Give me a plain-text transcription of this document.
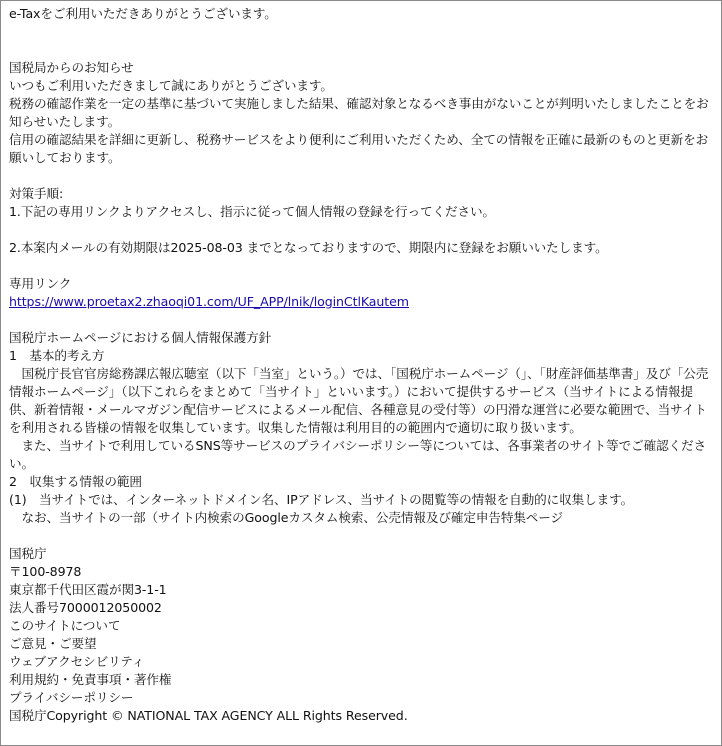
e-Taxをご利用いただきありがとうございます。
国税局からのお知らせ
いつもご利用いただきまして誠にありがとうございます。
税務の確認作業を一定の基準に基づいて実施しました結果、確認対象となるべき事由がないことが判明いたしましたことをお知らせいたします。
信用の確認結果を詳細に更新し、税務サービスをより便利にご利用いただくため、全ての情報を正確に最新のものと更新をお願いしております。
対策手順:
1.下記の専用リンクよりアクセスし、指示に従って個人情報の登録を行ってください。
2.本案内メールの有効期限は2025-08-03 までとなっておりますので、期限内に登録をお願いいたします。
専用リンク
https://www.proetax2.zhaoqi01.com/UF_APP/lnik/loginCtlKautem
国税庁ホームページにおける個人情報保護方針
1　基本的考え方
　国税庁長官官房総務課広報広聴室（以下「当室」という。）では、「国税庁ホームページ（」、「財産評価基準書」及び「公売情報ホームページ」（以下これらをまとめて「当サイト」といいます。）において提供するサービス（当サイトによる情報提供、新着情報・メールマガジン配信サービスによるメール配信、各種意見の受付等）の円滑な運営に必要な範囲で、当サイトを利用される皆様の情報を収集しています。収集した情報は利用目的の範囲内で適切に取り扱います。
　また、当サイトで利用しているSNS等サービスのプライバシーポリシー等については、各事業者のサイト等でご確認ください。
2　収集する情報の範囲
(1)　当サイトでは、インターネットドメイン名、IPアドレス、当サイトの閲覧等の情報を自動的に収集します。
　なお、当サイトの一部（サイト内検索のGoogleカスタム検索、公売情報及び確定申告特集ページ
国税庁
〒100-8978
東京都千代田区霞が関3-1-1
法人番号7000012050002
このサイトについて
ご意見・ご要望
ウェブアクセシビリティ
利用規約・免責事項・著作権
プライバシーポリシー
国税庁Copyright © NATIONAL TAX AGENCY ALL Rights Reserved.
